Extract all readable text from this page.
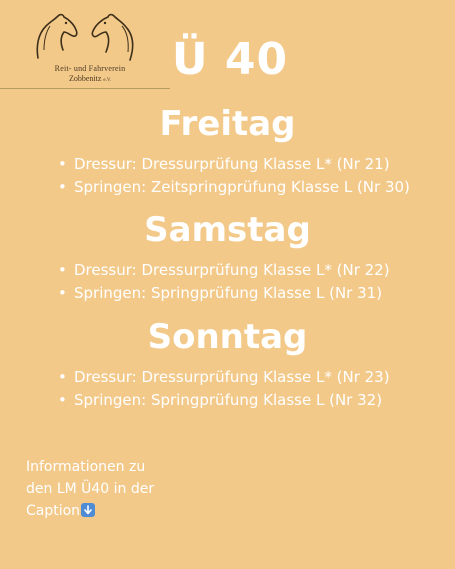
Reit- und Fahrverein
Zobbenitz e.V.	Ü 40
Freitag
• Dressur: Dressurprüfung Klasse L* (Nr 21)
• Springen: Zeitspringprüfung Klasse L (Nr 30)
Samstag
• Dressur: Dressurprüfung Klasse L* (Nr 22)
• Springen: Springprüfung Klasse L (Nr 31)
Sonntag
• Dressur: Dressurprüfung Klasse L* (Nr 23)
• Springen: Springprüfung Klasse L (Nr 32)
Informationen zu
den LM Ü40 in der
Caption
